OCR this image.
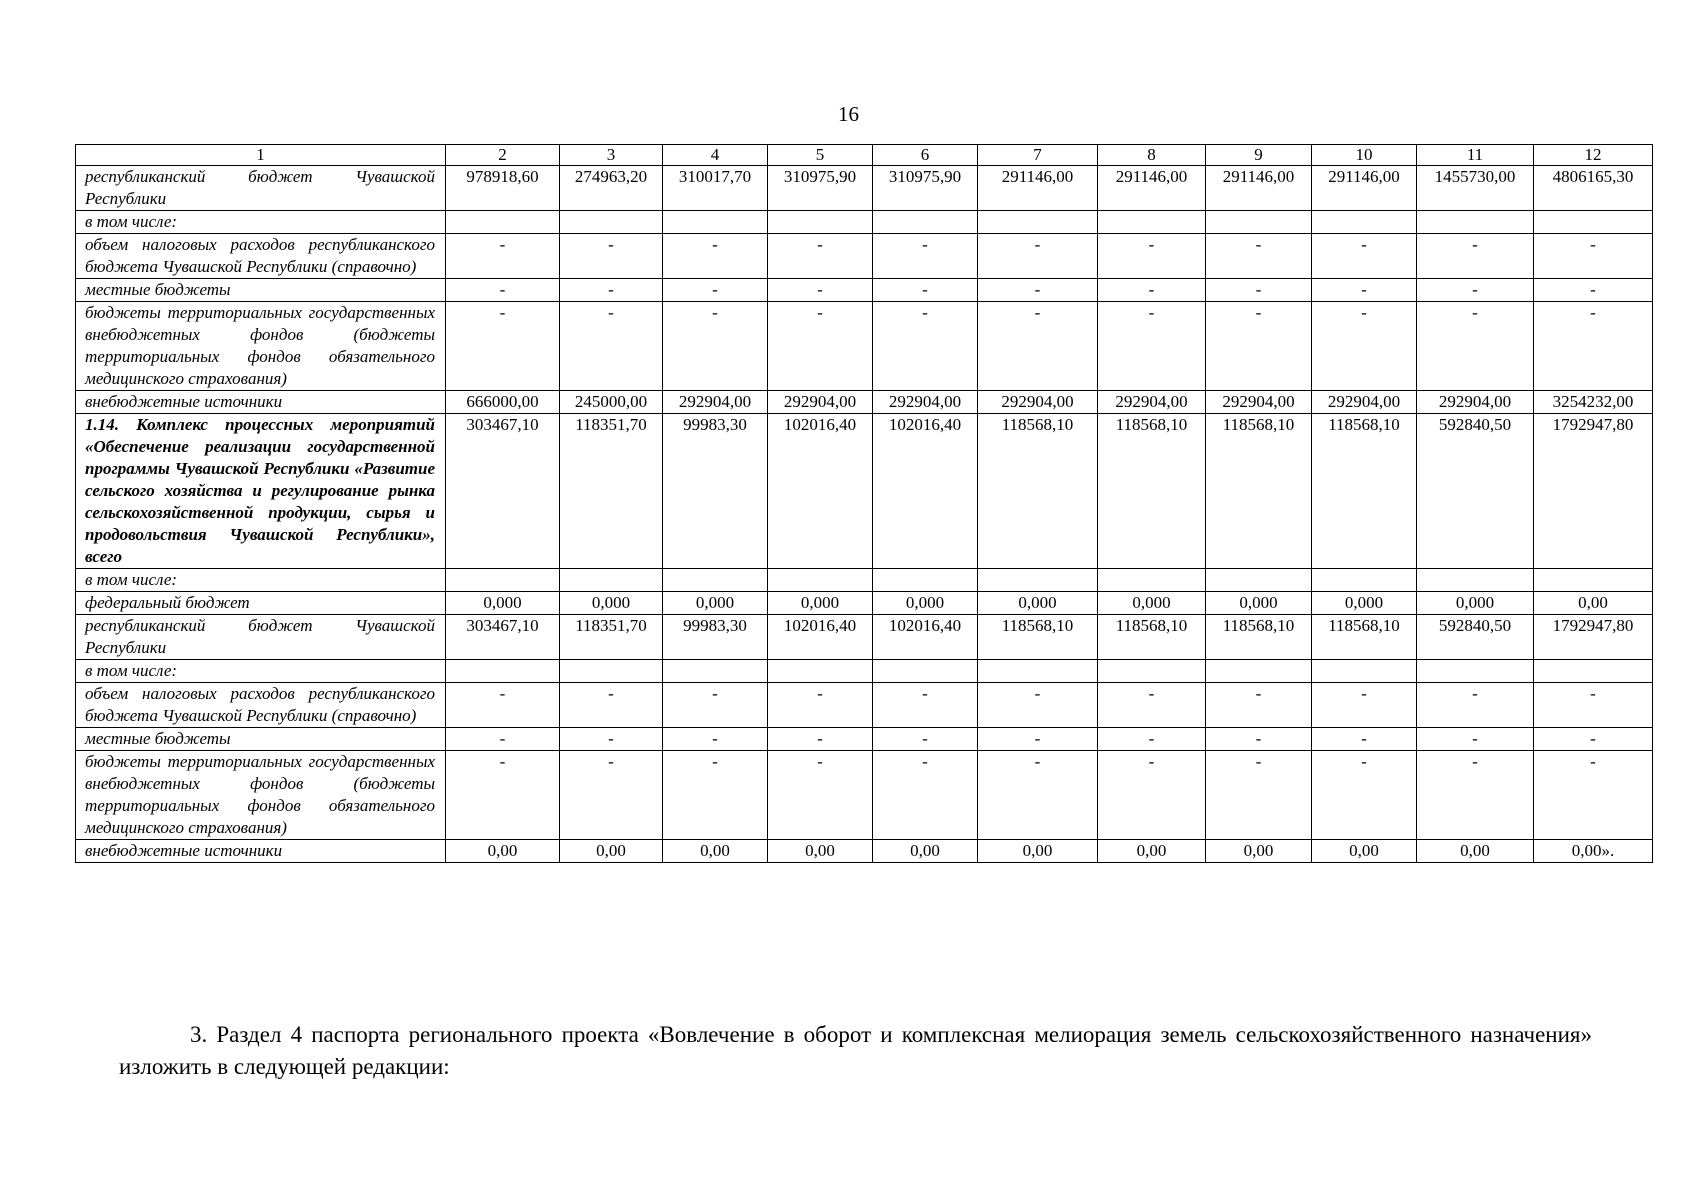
16
1	2	3	4	5	6	7	8	9	10	11	12
республиканский бюджет Чувашской Республики	978918,60	274963,20	310017,70	310975,90	310975,90	291146,00	291146,00	291146,00	291146,00	1455730,00	4806165,30
в том числе:											
объем налоговых расходов республиканского бюджета Чувашской Республики (справочно)	-	-	-	-	-	-	-	-	-	-	-
местные бюджеты	-	-	-	-	-	-	-	-	-	-	-
бюджеты территориальных государственных внебюджетных фондов (бюджеты территориальных фондов обязательного медицинского страхования)	-	-	-	-	-	-	-	-	-	-	-
внебюджетные источники	666000,00	245000,00	292904,00	292904,00	292904,00	292904,00	292904,00	292904,00	292904,00	292904,00	3254232,00
1.14. Комплекс процессных мероприятий «Обеспечение реализации государственной программы Чувашской Республики «Развитие сельского хозяйства и регулирование рынка сельскохозяйственной продукции, сырья и продовольствия Чувашской Республики», всего	303467,10	118351,70	99983,30	102016,40	102016,40	118568,10	118568,10	118568,10	118568,10	592840,50	1792947,80
в том числе:											
федеральный бюджет	0,000	0,000	0,000	0,000	0,000	0,000	0,000	0,000	0,000	0,000	0,00
республиканский бюджет Чувашской Республики	303467,10	118351,70	99983,30	102016,40	102016,40	118568,10	118568,10	118568,10	118568,10	592840,50	1792947,80
в том числе:											
объем налоговых расходов республиканского бюджета Чувашской Республики (справочно)	-	-	-	-	-	-	-	-	-	-	-
местные бюджеты	-	-	-	-	-	-	-	-	-	-	-
бюджеты территориальных государственных внебюджетных фондов (бюджеты территориальных фондов обязательного медицинского страхования)	-	-	-	-	-	-	-	-	-	-	-
внебюджетные источники	0,00	0,00	0,00	0,00	0,00	0,00	0,00	0,00	0,00	0,00	0,00».
3. Раздел 4 паспорта регионального проекта «Вовлечение в оборот и комплексная мелиорация земель сельскохозяйственного назначения» изложить в следующей редакции:
